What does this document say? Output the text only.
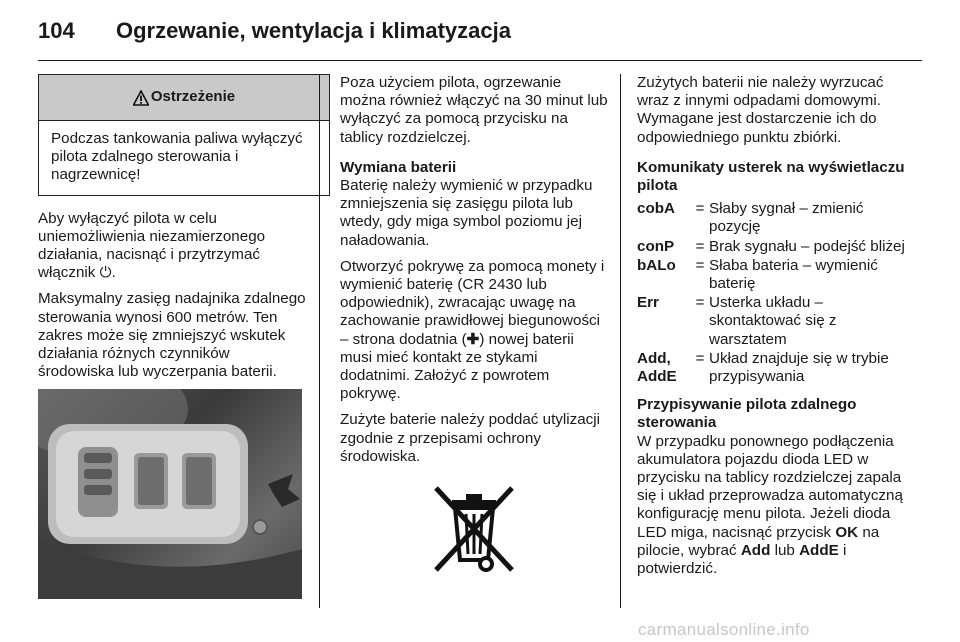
104 Ogrzewanie, wentylacja i klimatyzacja
Ostrzeżenie
Podczas tankowania paliwa wyłączyć pilota zdalnego sterowania i nagrzewnicę!

Aby wyłączyć pilota w celu uniemożliwienia niezamierzonego działania, nacisnąć i przytrzymać włącznik ⏻.

Maksymalny zasięg nadajnika zdalnego sterowania wynosi 600 metrów. Ten zakres może się zmniejszyć wskutek działania różnych czynników środowiska lub wyczerpania baterii.

Poza użyciem pilota, ogrzewanie można również włączyć na 30 minut lub wyłączyć za pomocą przycisku na tablicy rozdzielczej.

Wymiana baterii

Baterię należy wymienić w przypadku zmniejszenia się zasięgu pilota lub wtedy, gdy miga symbol poziomu jej naładowania.

Otworzyć pokrywę za pomocą monety i wymienić baterię (CR 2430 lub odpowiednik), zwracając uwagę na zachowanie prawidłowej biegunowości – strona dodatnia (✚) nowej baterii musi mieć kontakt ze stykami dodatnimi. Założyć z powrotem pokrywę.

Zużyte baterie należy poddać utylizacji zgodnie z przepisami ochrony środowiska.

Zużytych baterii nie należy wyrzucać wraz z innymi odpadami domowymi. Wymagane jest dostarczenie ich do odpowiedniego punktu zbiórki.

Komunikaty usterek na wyświetlaczu pilota
cobA	=	Słaby sygnał – zmienić pozycję
conP	=	Brak sygnału – podejść bliżej
bALo	=	Słaba bateria – wymienić baterię
Err	=	Usterka układu – skontaktować się z warsztatem
Add, AddE	=	Układ znajduje się w trybie przypisywania
Przypisywanie pilota zdalnego sterowania

W przypadku ponownego podłączenia akumulatora pojazdu dioda LED w przycisku na tablicy rozdzielczej zapala się i układ przeprowadza automatyczną konfigurację menu pilota. Jeżeli dioda LED miga, nacisnąć przycisk OK na pilocie, wybrać Add lub AddE i potwierdzić.

carmanualsonline.info
